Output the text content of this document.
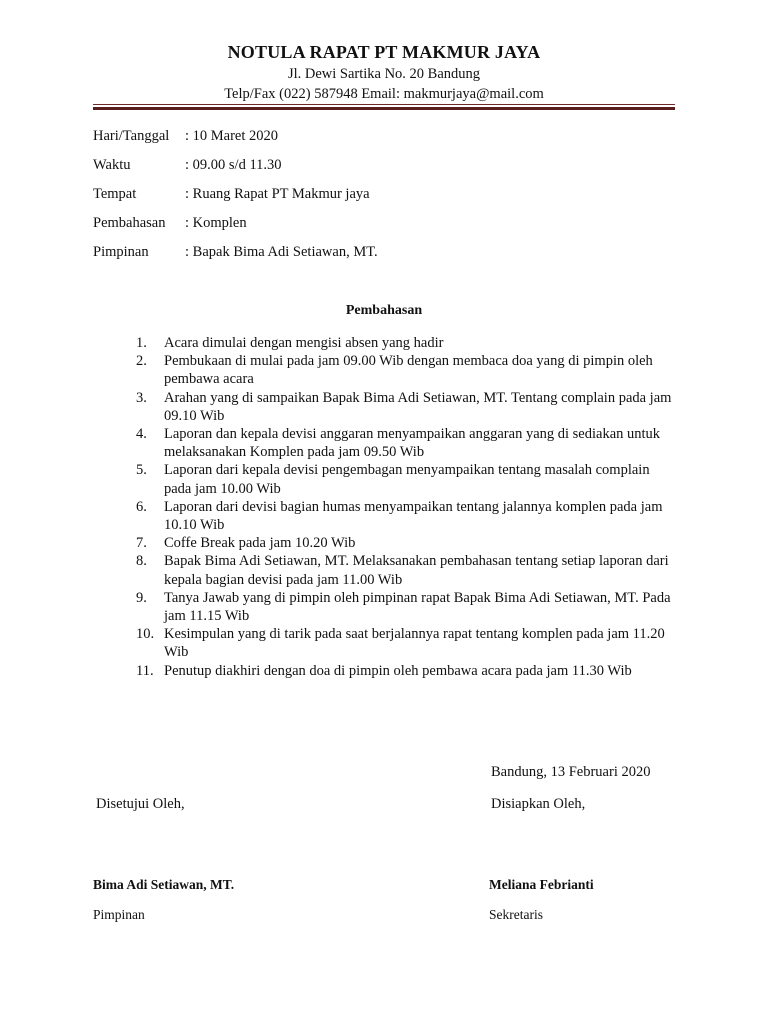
NOTULA RAPAT PT MAKMUR JAYA
Jl. Dewi Sartika No. 20 Bandung
Telp/Fax (022) 587948 Email: makmurjaya@mail.com
Hari/Tanggal : 10 Maret 2020
Waktu	: 09.00 s/d 11.30
Tempat	: Ruang Rapat PT Makmur jaya
Pembahasan : Komplen
Pimpinan	: Bapak Bima Adi Setiawan, MT.
Pembahasan
1.	Acara dimulai dengan mengisi absen yang hadir
2.	Pembukaan di mulai pada jam 09.00 Wib dengan membaca doa yang di pimpin oleh pembawa acara
3.	Arahan yang di sampaikan Bapak Bima Adi Setiawan, MT. Tentang complain pada jam 09.10 Wib
4.	Laporan dan kepala devisi anggaran menyampaikan anggaran yang di sediakan untuk melaksanakan Komplen pada jam 09.50 Wib
5.	Laporan dari kepala devisi pengembagan menyampaikan tentang masalah complain pada jam 10.00 Wib
6.	Laporan dari devisi bagian humas menyampaikan tentang jalannya komplen pada jam 10.10 Wib
7.	Coffe Break pada jam 10.20 Wib
8.	Bapak Bima Adi Setiawan, MT. Melaksanakan pembahasan tentang setiap laporan dari kepala bagian devisi pada jam 11.00 Wib
9.	Tanya Jawab yang di pimpin oleh pimpinan rapat Bapak Bima Adi Setiawan, MT. Pada jam 11.15 Wib
10. Kesimpulan yang di tarik pada saat berjalannya rapat tentang komplen pada jam 11.20 Wib
11. Penutup diakhiri dengan doa di pimpin oleh pembawa acara pada jam 11.30 Wib
Bandung, 13 Februari 2020
Disetujui Oleh,	Disiapkan Oleh,
Bima Adi Setiawan, MT.
Pimpinan
Meliana Febrianti
Sekretaris
